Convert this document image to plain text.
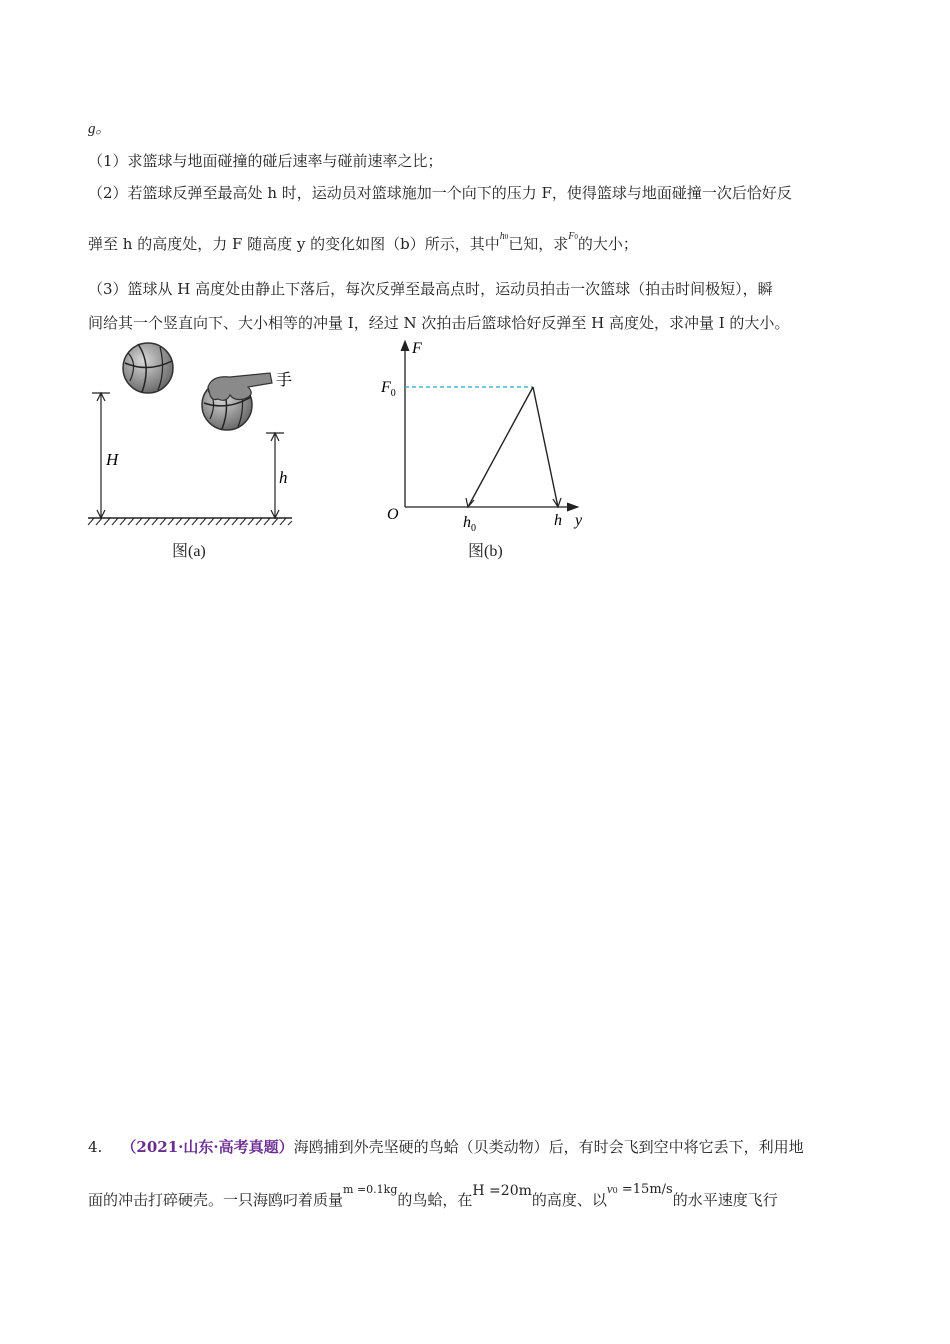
g。
（1）求篮球与地面碰撞的碰后速率与碰前速率之比；
（2）若篮球反弹至最高处 h 时，运动员对篮球施加一个向下的压力 F，使得篮球与地面碰撞一次后恰好反
弹至 h 的高度处，力 F 随高度 y 的变化如图（b）所示，其中$^{h0}$已知，求$^{F0}$的大小；
（3）篮球从 H 高度处由静止下落后，每次反弹至最高点时，运动员拍击一次篮球（拍击时间极短），瞬
间给其一个竖直向下、大小相等的冲量 I，经过 N 次拍击后篮球恰好反弹至 H 高度处，求冲量 I 的大小。
手
H
h
图(a)
F
y
O
$F_0$
$h_0$	h
图(b)
4. （2021·山东·高考真题）海鸥捕到外壳坚硬的鸟蛤（贝类动物）后，有时会飞到空中将它丢下，利用地
面的冲击打碎硬壳。一只海鸥叼着质量$^{m =0.1kg}$的鸟蛤，在H =20m的高度、以v0 =15m/s的水平速度飞行
